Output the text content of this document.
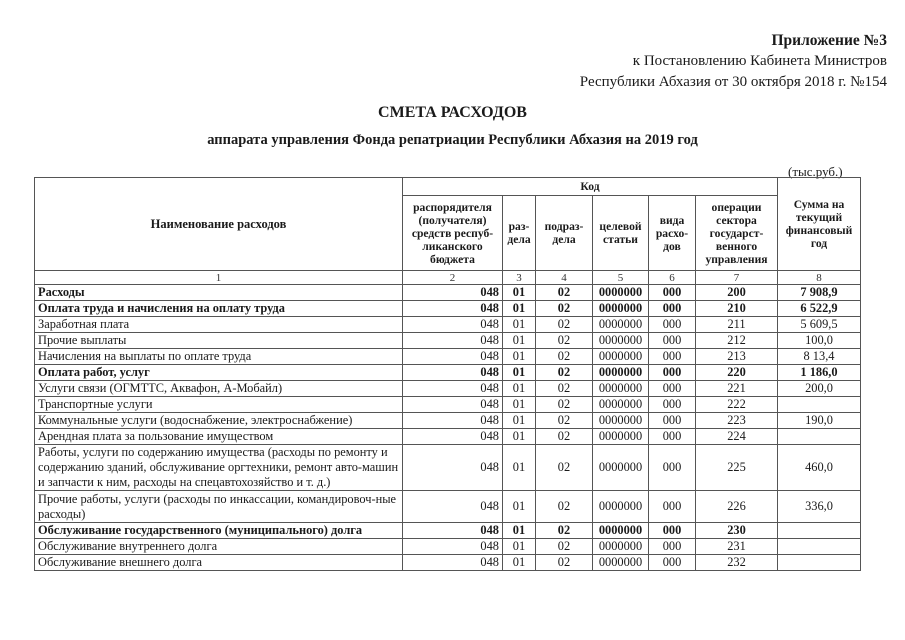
Приложение №3
к Постановлению Кабинета Министров
Республики Абхазия от 30 октября 2018 г. №154
СМЕТА РАСХОДОВ
аппарата управления Фонда репатриации Республики Абхазия на 2019 год
(тыс.руб.)
Наименование расходов	Код						Сумма на текущий финансовый год
	распорядителя (получателя) средств респуб-ликанского бюджета	раз-дела	подраз-дела	целевой статьи	вида расхо-дов	операции сектора государст-венного управления	
1	2	3	4	5	6	7	8
Расходы	048	01	02	0000000	000	200	7 908,9
Оплата труда и начисления на оплату труда	048	01	02	0000000	000	210	6 522,9
Заработная плата	048	01	02	0000000	000	211	5 609,5
Прочие выплаты	048	01	02	0000000	000	212	100,0
Начисления на выплаты по оплате труда	048	01	02	0000000	000	213	8 13,4
Оплата работ, услуг	048	01	02	0000000	000	220	1 186,0
Услуги связи (ОГМТТС, Аквафон, А-Мобайл)	048	01	02	0000000	000	221	200,0
Транспортные услуги	048	01	02	0000000	000	222	
Коммунальные услуги (водоснабжение, электроснабжение)	048	01	02	0000000	000	223	190,0
Арендная плата за пользование имуществом	048	01	02	0000000	000	224	
Работы, услуги по содержанию имущества (расходы по ремонту и содержанию зданий, обслуживание оргтехники, ремонт авто-машин и запчасти к ним, расходы на спецавтохозяйство и т. д.)	048	01	02	0000000	000	225	460,0
Прочие работы, услуги (расходы по инкассации, командировоч-ные расходы)	048	01	02	0000000	000	226	336,0
Обслуживание государственного (муниципального) долга	048	01	02	0000000	000	230	
Обслуживание внутреннего долга	048	01	02	0000000	000	231	
Обслуживание внешнего долга	048	01	02	0000000	000	232	
